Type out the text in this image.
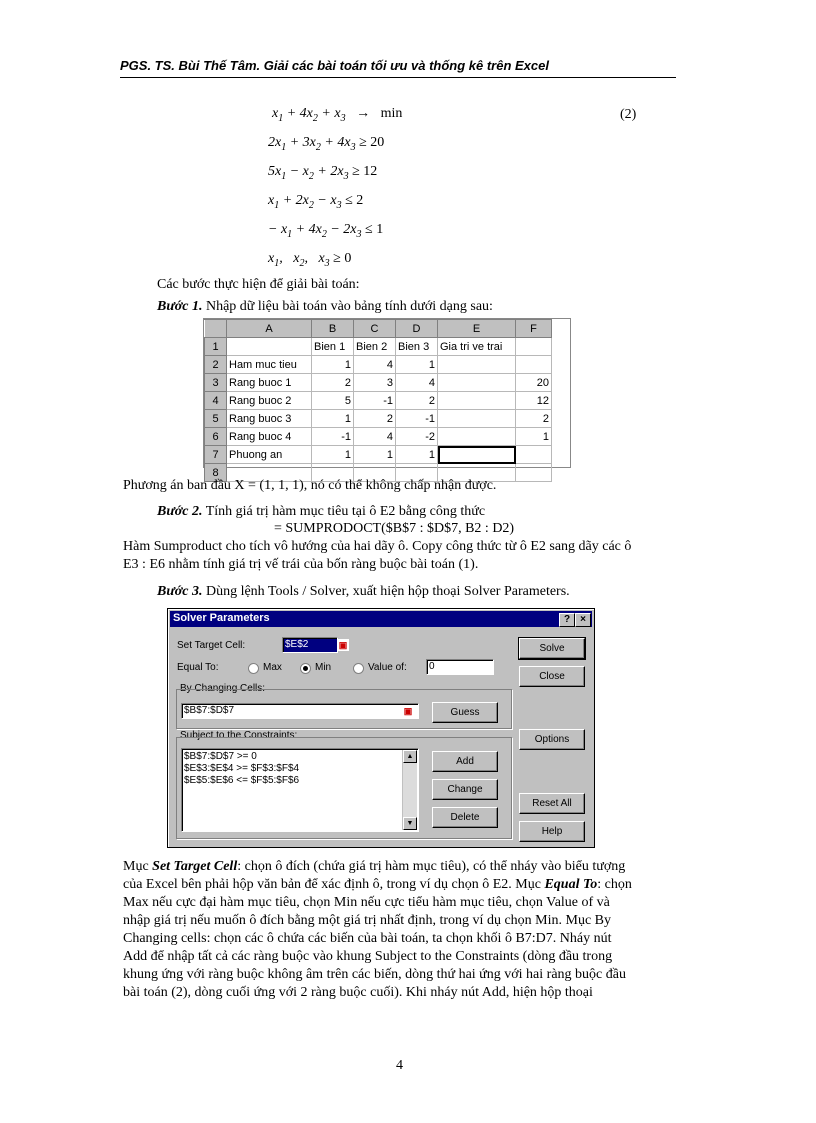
PGS. TS. Bùi Thế Tâm. Giải các bài toán tối ưu và thống kê trên Excel
$x_1 + 4x_2 + x_3 \to \min$	(2)
$2x_1 + 3x_2 + 4x_3 \ge 20$
$5x_1 - x_2 + 2x_3 \ge 12$
$x_1 + 2x_2 - x_3 \le 2$
− $x_1 + 4x_2 - 2x_3 \le 1$
$x_1$,   $x_2$,   $x_3 \ge 0$
Các bước thực hiện để giải bài toán:
Bước 1. Nhập dữ liệu bài toán vào bảng tính dưới dạng sau:
	A	B	C	D	E	F
1		Bien 1	Bien 2	Bien 3	Gia tri ve trai	
2	Ham muc tieu	1	4	1		
3	Rang buoc 1	2	3	4		20
4	Rang buoc 2	5	-1	2		12
5	Rang buoc 3	1	2	-1		2
6	Rang buoc 4	-1	4	-2		1
7	Phuong an	1	1	1		
8						
Phương án ban đầu X = (1, 1, 1), nó có thể không chấp nhận được.
Bước 2. Tính giá trị hàm mục tiêu tại ô E2 bằng công thức
= SUMPRODOCT($B$7 : $D$7, B2 : D2)
Hàm Sumproduct cho tích vô hướng của hai dãy ô. Copy công thức từ ô E2 sang dãy các ô
E3 : E6 nhằm tính giá trị vế trái của bốn ràng buộc bài toán (1).
Bước 3. Dùng lệnh Tools / Solver, xuất hiện hộp thoại Solver Parameters.
Solver Parameters	?	×
Set Target Cell:	$E$2	▣
Equal To:	Max	Min	Value of:	0
By Changing Cells:
$B$7:$D$7	▣	Guess
Subject to the Constraints:
$B$7:$D$7 >= 0
$E$3:$E$4 >= $F$3:$F$4
$E$5:$E$6 <= $F$5:$F$6
▲
▼
Add
Change
Delete
Solve
Close
Options
Reset All
Help
Mục Set Target Cell: chọn ô đích (chứa giá trị hàm mục tiêu), có thể nháy vào biểu tượng
của Excel bên phải hộp văn bản để xác định ô, trong ví dụ chọn ô E2. Mục Equal To: chọn
Max nếu cực đại hàm mục tiêu, chọn Min nếu cực tiểu hàm mục tiêu, chọn Value of và
nhập giá trị nếu muốn ô đích bằng một giá trị nhất định, trong ví dụ chọn Min. Mục By
Changing cells: chọn các ô chứa các biến của bài toán, ta chọn khối ô B7:D7. Nháy nút
Add để nhập tất cả các ràng buộc vào khung Subject to the Constraints (dòng đầu trong
khung ứng với ràng buộc không âm trên các biến, dòng thứ hai ứng với hai ràng buộc đầu
bài toán (2), dòng cuối ứng với 2 ràng buộc cuối). Khi nháy nút Add, hiện hộp thoại
4
